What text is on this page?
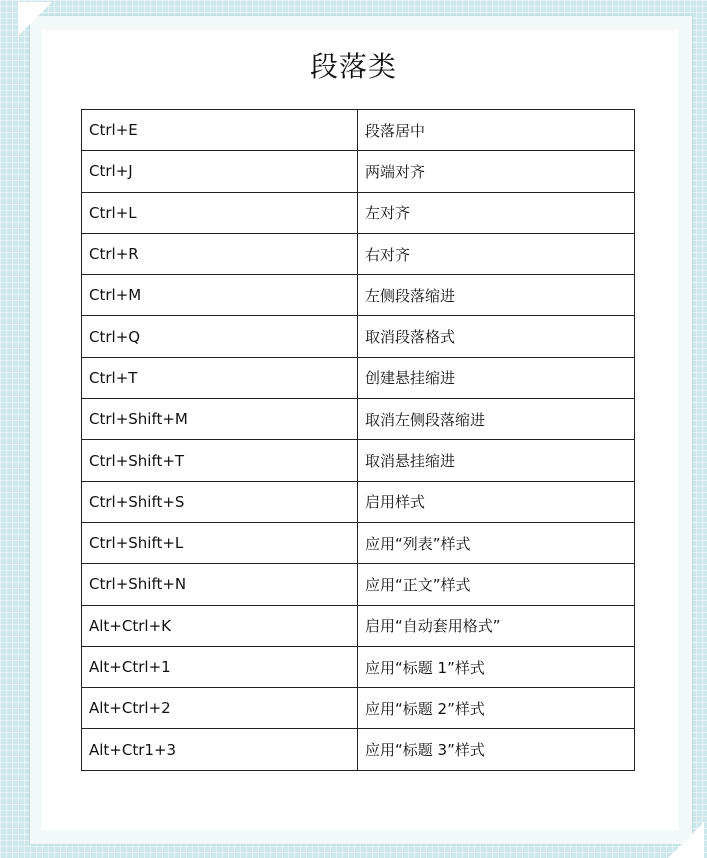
段落类
Ctrl+E	段落居中
Ctrl+J	两端对齐
Ctrl+L	左对齐
Ctrl+R	右对齐
Ctrl+M	左侧段落缩进
Ctrl+Q	取消段落格式
Ctrl+T	创建悬挂缩进
Ctrl+Shift+M	取消左侧段落缩进
Ctrl+Shift+T	取消悬挂缩进
Ctrl+Shift+S	启用样式
Ctrl+Shift+L	应用“列表”样式
Ctrl+Shift+N	应用“正文”样式
Alt+Ctrl+K	启用“自动套用格式”
Alt+Ctrl+1	应用“标题 1”样式
Alt+Ctrl+2	应用“标题 2”样式
Alt+Ctr1+3	应用“标题 3”样式
